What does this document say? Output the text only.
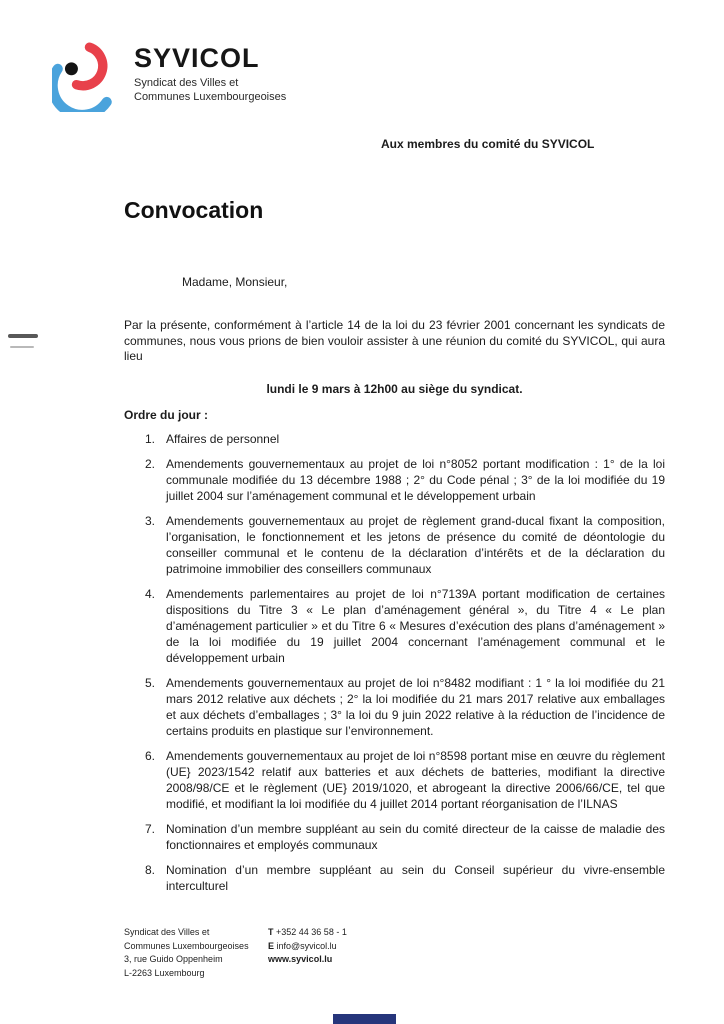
SYVICOL
Syndicat des Villes et
Communes Luxembourgeoises
Aux membres du comité du SYVICOL
Convocation
Madame, Monsieur,
Par la présente, conformément à l’article 14 de la loi du 23 février 2001 concernant les syndicats de communes, nous vous prions de bien vouloir assister à une réunion du comité du SYVICOL, qui aura lieu
lundi le 9 mars à 12h00 au siège du syndicat.
Ordre du jour :
1. Affaires de personnel
2. Amendements gouvernementaux au projet de loi n°8052 portant modification : 1° de la loi communale modifiée du 13 décembre 1988 ; 2° du Code pénal ; 3° de la loi modifiée du 19 juillet 2004 sur l’aménagement communal et le développement urbain
3. Amendements gouvernementaux au projet de règlement grand-ducal fixant la composition, l’organisation, le fonctionnement et les jetons de présence du comité de déontologie du conseiller communal et le contenu de la déclaration d’intérêts et de la déclaration du patrimoine immobilier des conseillers communaux
4. Amendements parlementaires au projet de loi n°7139A portant modification de certaines dispositions du Titre 3 « Le plan d’aménagement général », du Titre 4 « Le plan d’aménagement particulier » et du Titre 6 « Mesures d’exécution des plans d’aménagement » de la loi modifiée du 19 juillet 2004 concernant l’aménagement communal et le développement urbain
5. Amendements gouvernementaux au projet de loi n°8482 modifiant : 1 ° la loi modifiée du 21 mars 2012 relative aux déchets ; 2° la loi modifiée du 21 mars 2017 relative aux emballages et aux déchets d’emballages ; 3° la loi du 9 juin 2022 relative à la réduction de l’incidence de certains produits en plastique sur l’environnement.
6. Amendements gouvernementaux au projet de loi n°8598 portant mise en œuvre du règlement (UE} 2023/1542 relatif aux batteries et aux déchets de batteries, modifiant la directive 2008/98/CE et le règlement (UE} 2019/1020, et abrogeant la directive 2006/66/CE, tel que modifié, et modifiant la loi modifiée du 4 juillet 2014 portant réorganisation de l’ILNAS
7. Nomination d’un membre suppléant au sein du comité directeur de la caisse de maladie des fonctionnaires et employés communaux
8. Nomination d’un membre suppléant au sein du Conseil supérieur du vivre-ensemble interculturel
Syndicat des Villes et
Communes Luxembourgeoises
3, rue Guido Oppenheim
L-2263 Luxembourg
T +352 44 36 58 - 1
E info@syvicol.lu
www.syvicol.lu
